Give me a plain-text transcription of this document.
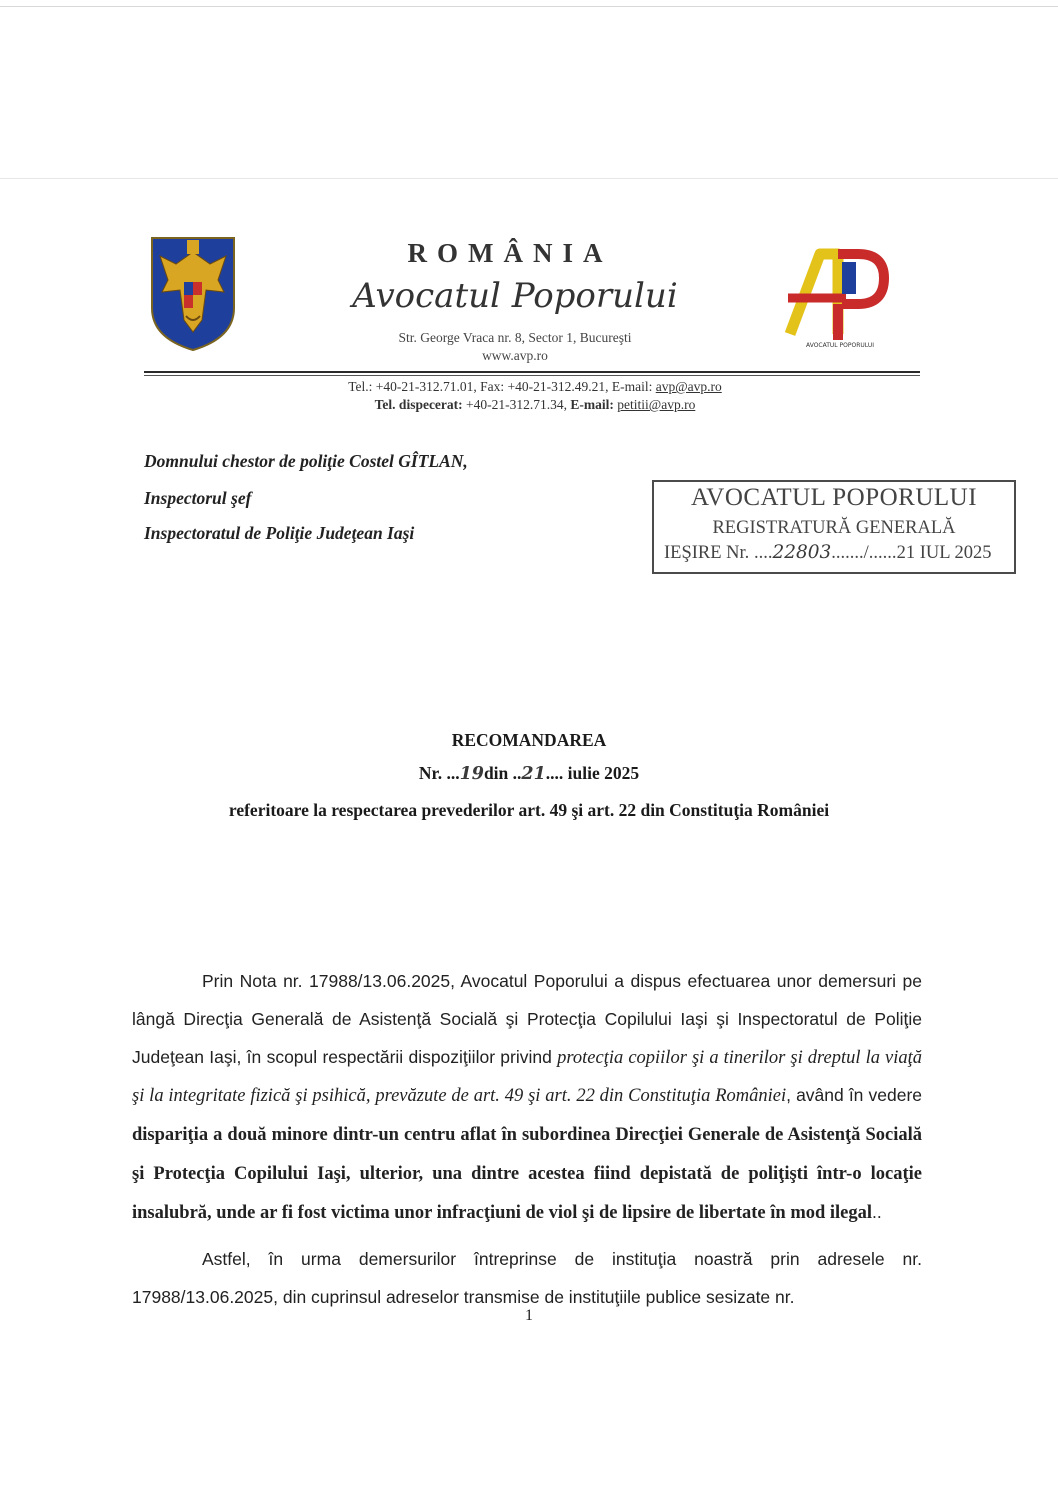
ROMÂNIA
Avocatul Poporului
Str. George Vraca nr. 8, Sector 1, Bucureşti
www.avp.ro
AVOCATUL POPORULUI
Tel.: +40-21-312.71.01, Fax: +40-21-312.49.21, E-mail: avp@avp.ro
Tel. dispecerat: +40-21-312.71.34, E-mail: petitii@avp.ro
Domnului chestor de poliţie Costel GÎTLAN,
Inspectorul şef
Inspectoratul de Poliţie Judeţean Iaşi
AVOCATUL POPORULUI
REGISTRATURĂ GENERALĂ
IEŞIRE Nr. ....22803......./......21 IUL 2025
RECOMANDAREA
Nr. ...19din ..21.... iulie 2025
referitoare la respectarea prevederilor art. 49 şi art. 22 din Constituţia României
Prin Nota nr. 17988/13.06.2025, Avocatul Poporului a dispus efectuarea unor demersuri pe lângă Direcţia Generală de Asistenţă Socială şi Protecţia Copilului Iaşi şi Inspectoratul de Poliţie Judeţean Iaşi, în scopul respectării dispoziţiilor privind protecţia copiilor şi a tinerilor şi dreptul la viaţă şi la integritate fizică şi psihică, prevăzute de art. 49 şi art. 22 din Constituţia României, având în vedere dispariţia a două minore dintr-un centru aflat în subordinea Direcţiei Generale de Asistenţă Socială şi Protecţia Copilului Iaşi, ulterior, una dintre acestea fiind depistată de poliţişti într-o locaţie insalubră, unde ar fi fost victima unor infracţiuni de viol şi de lipsire de libertate în mod ilegal..
Astfel, în urma demersurilor întreprinse de instituţia noastră prin adresele nr. 17988/13.06.2025, din cuprinsul adreselor transmise de instituţiile publice sesizate nr.
1
